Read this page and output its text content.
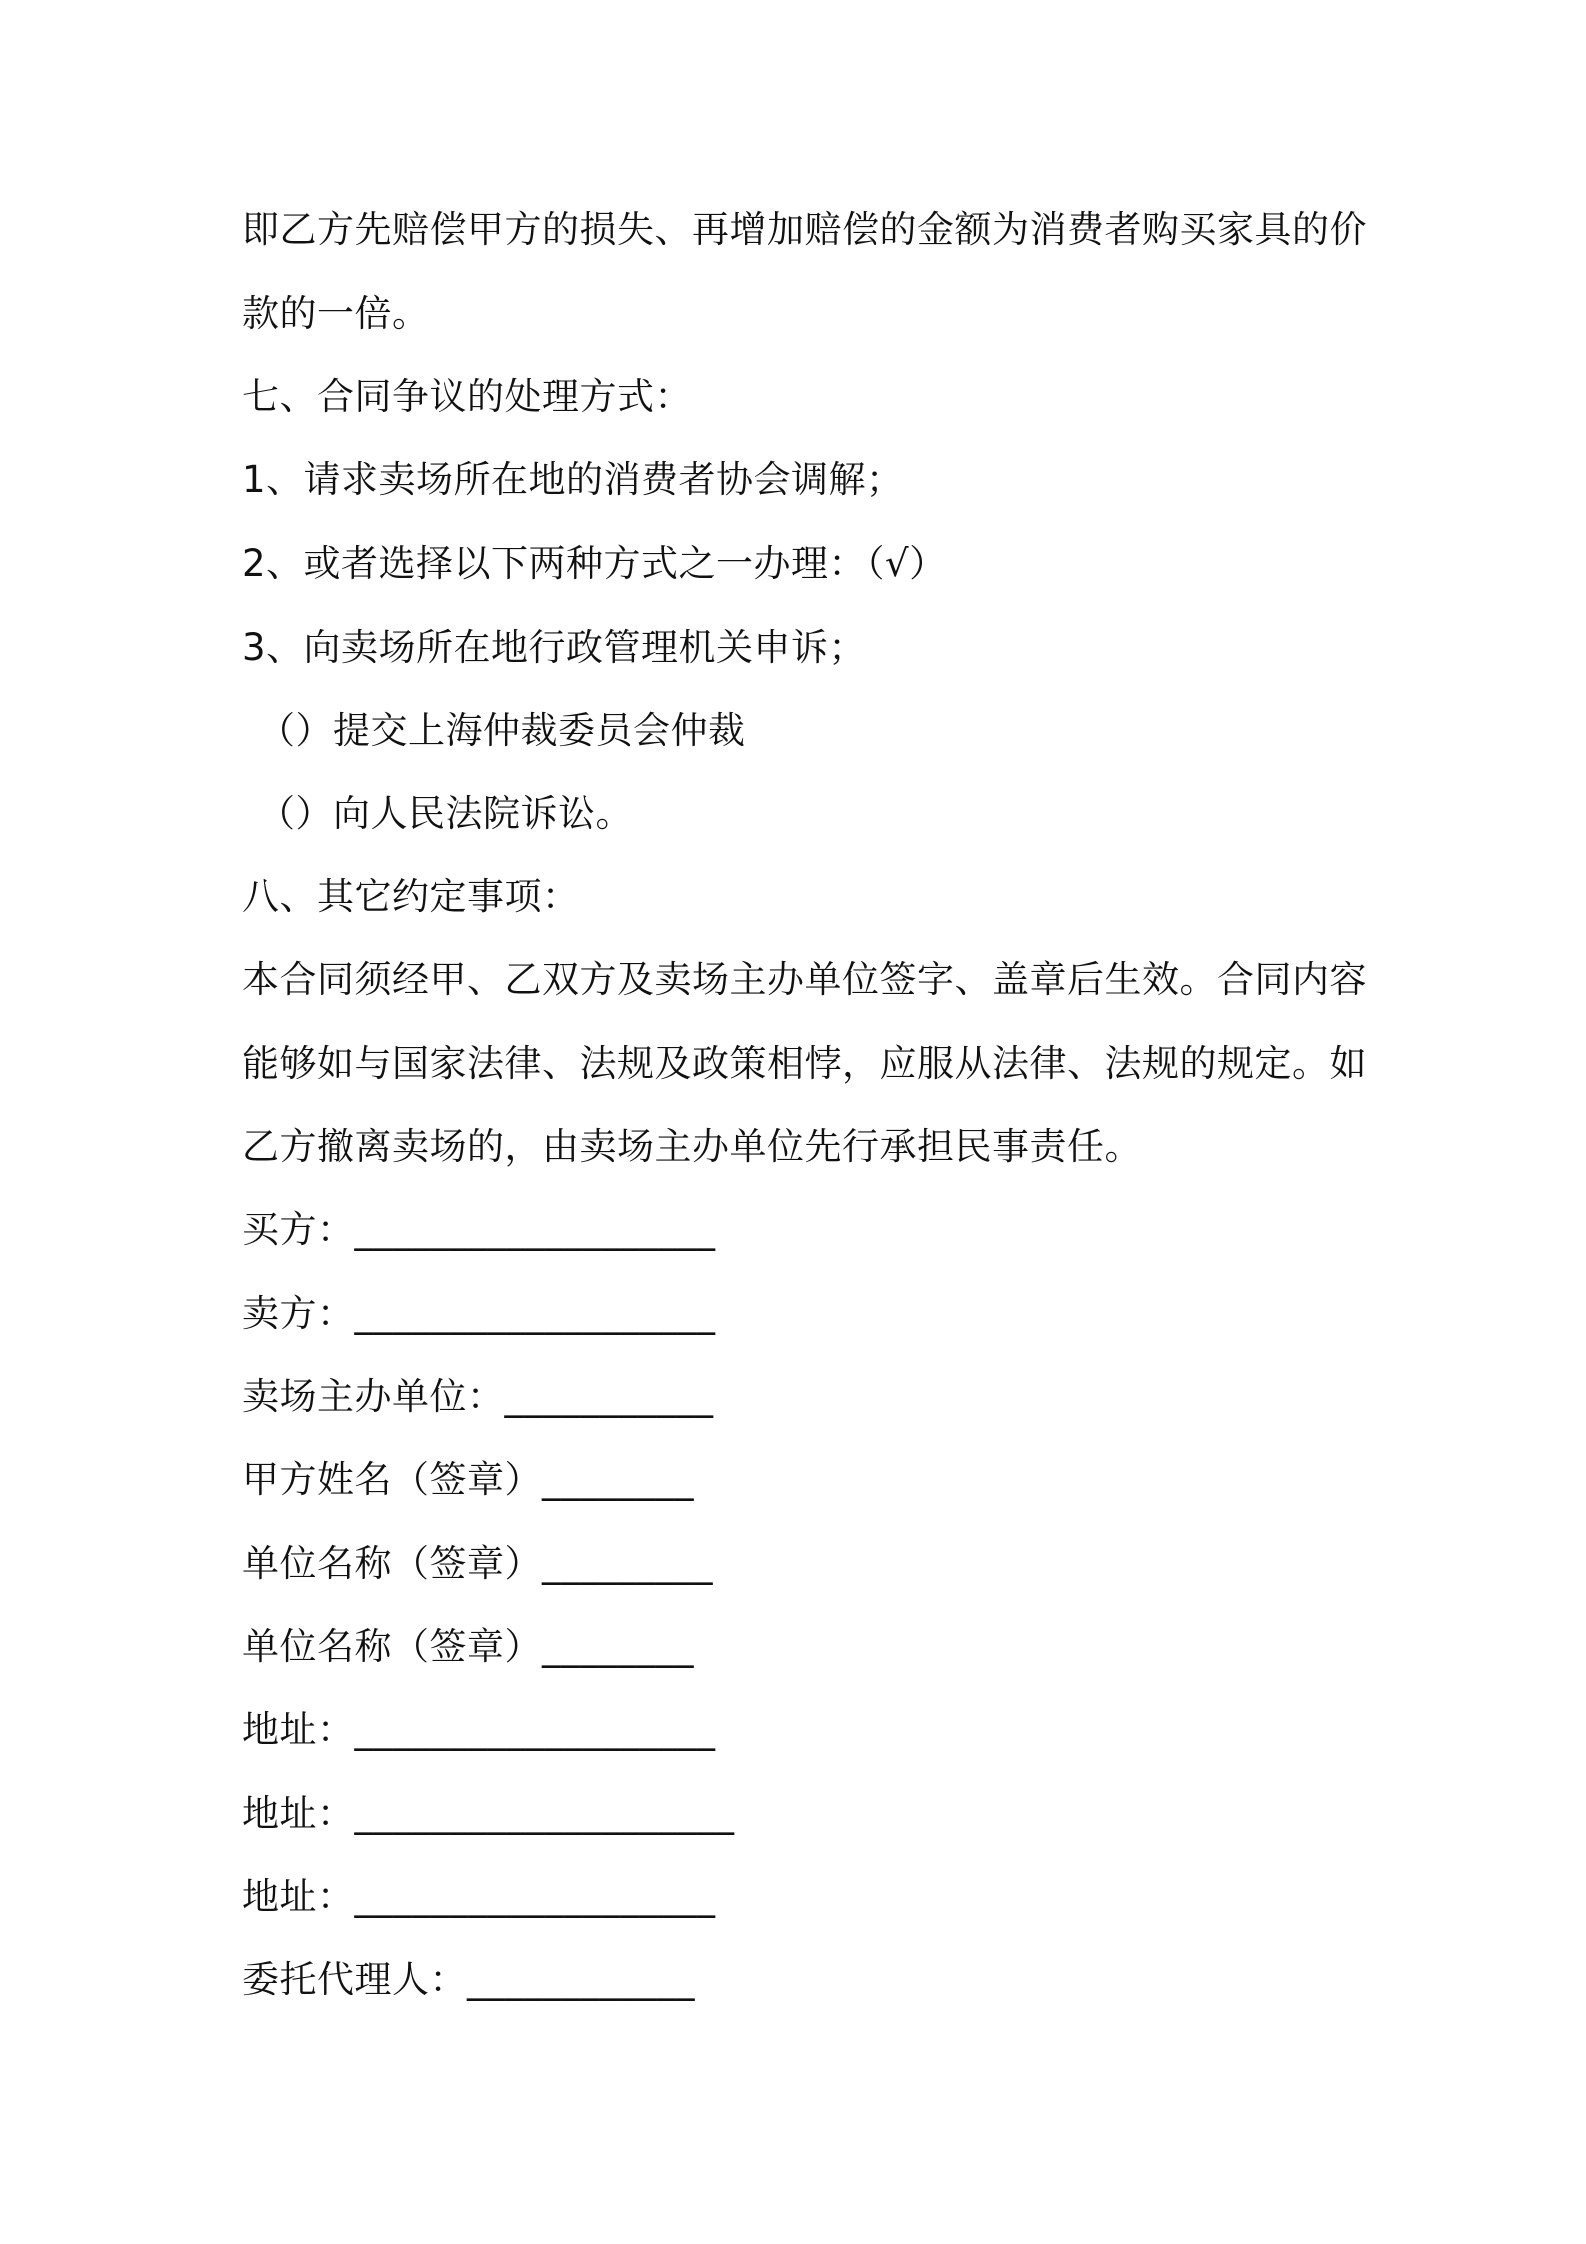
即乙方先赔偿甲方的损失、再增加赔偿的金额为消费者购买家具的价
款的一倍。
七、合同争议的处理方式：
1、请求卖场所在地的消费者协会调解；
2、或者选择以下两种方式之一办理：（√）
3、向卖场所在地行政管理机关申诉；
（）提交上海仲裁委员会仲裁
（）向人民法院诉讼。
八、其它约定事项：
本合同须经甲、乙双方及卖场主办单位签字、盖章后生效。合同内容
能够如与国家法律、法规及政策相悖，应服从法律、法规的规定。如
乙方撤离卖场的，由卖场主办单位先行承担民事责任。
买方：___________________
卖方：___________________
卖场主办单位：___________
甲方姓名（签章）________
单位名称（签章）_________
单位名称（签章）________
地址：___________________
地址：____________________
地址：___________________
委托代理人：____________
